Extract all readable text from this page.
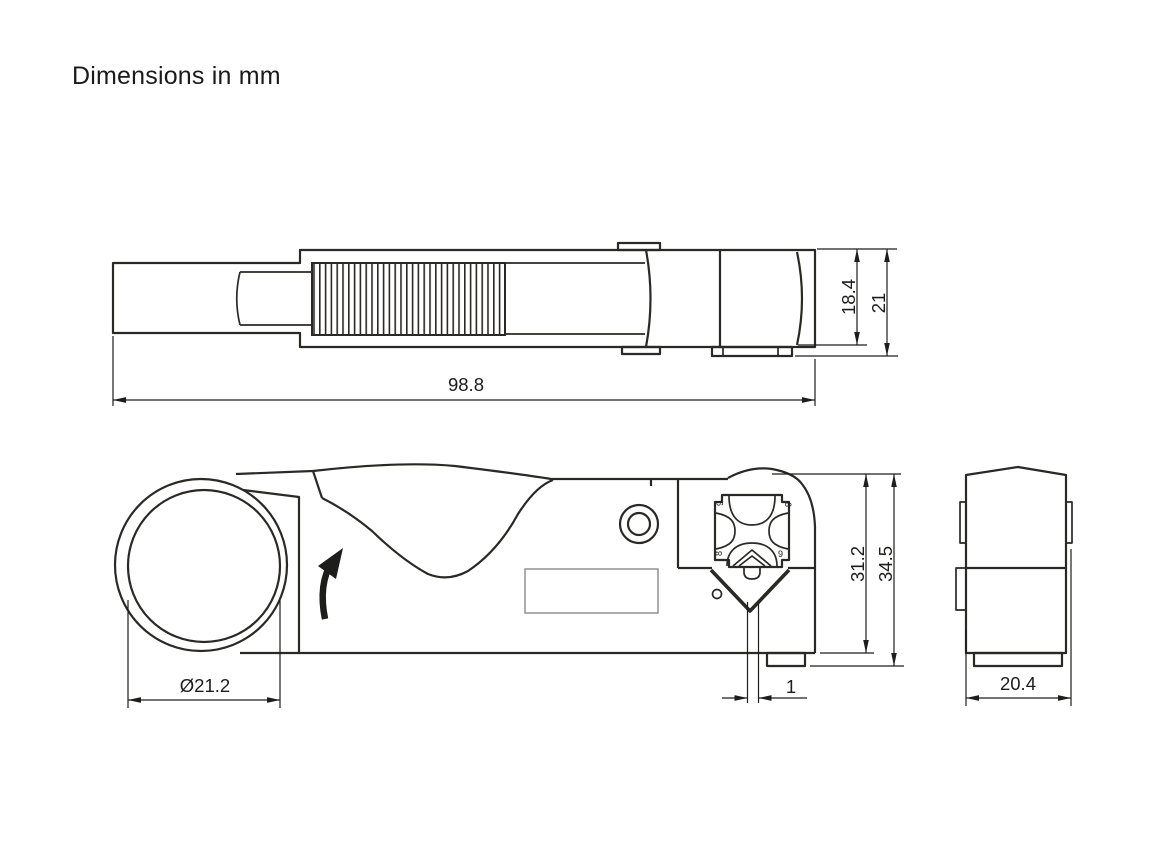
Dimensions in mm
98.8
18.4 21
9	6
8	9
Ø21.2
31.2 34.5
1	20.4
